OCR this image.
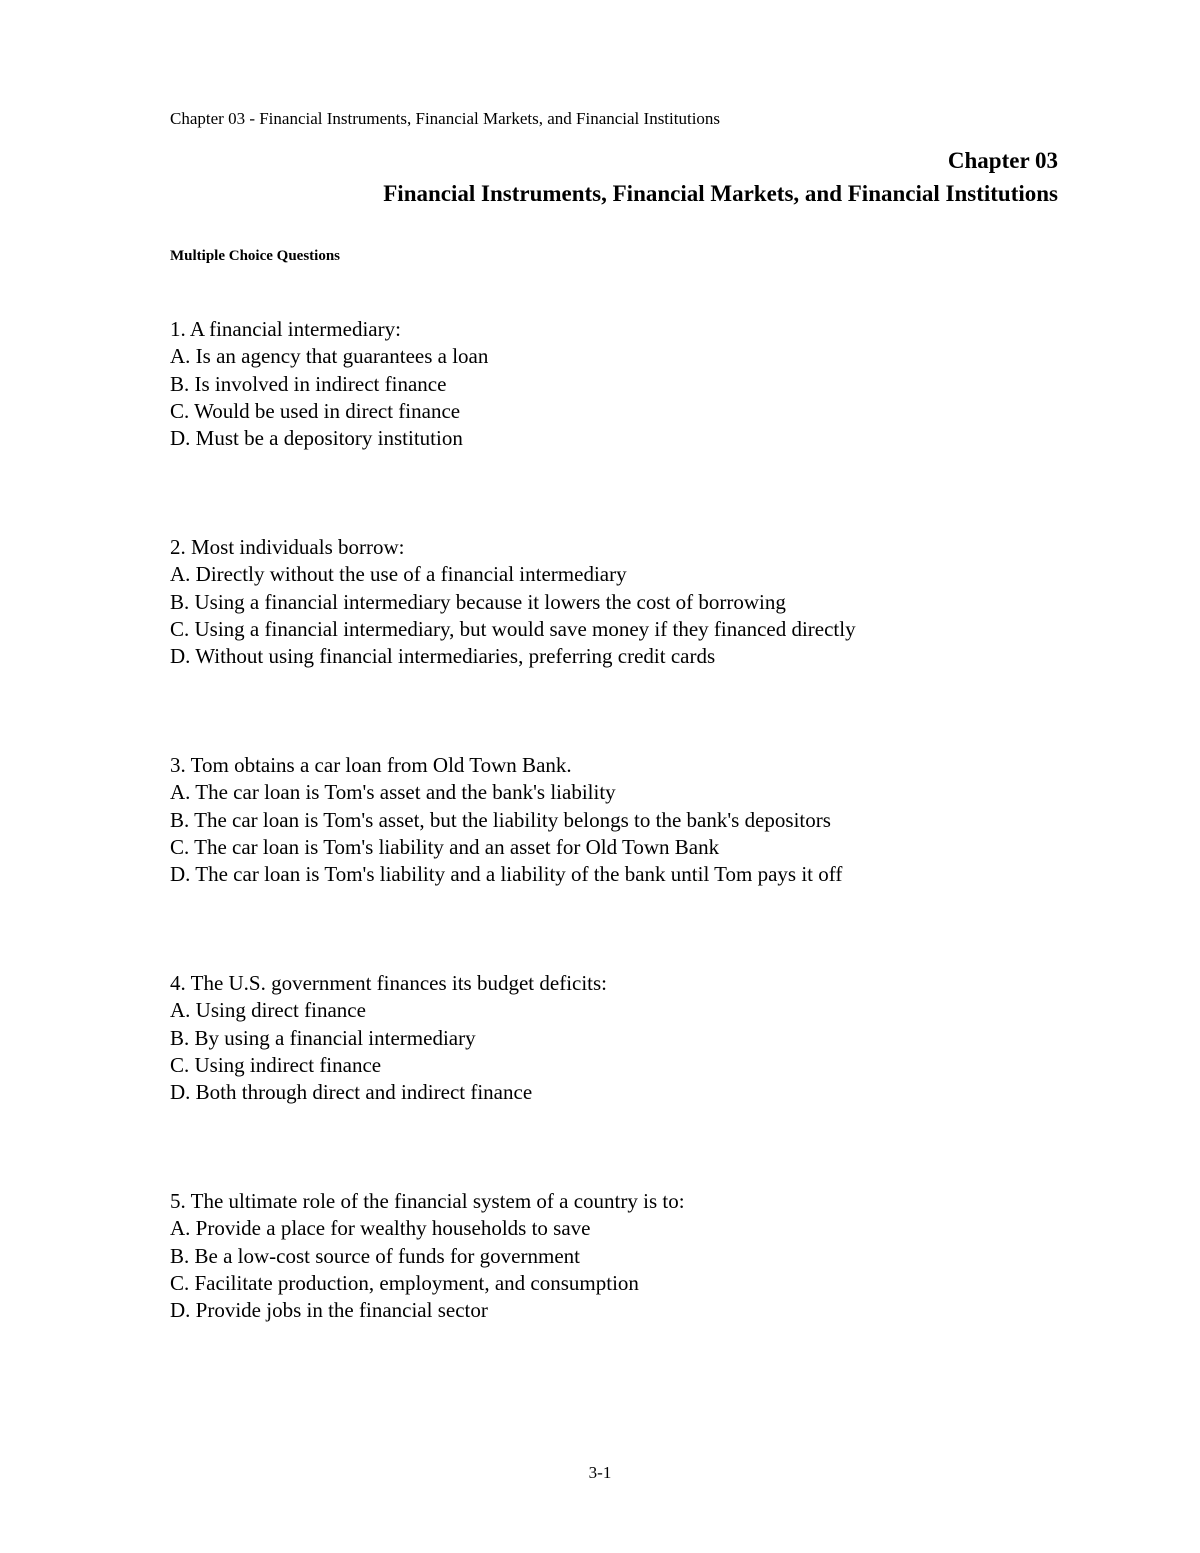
Chapter 03 - Financial Instruments, Financial Markets, and Financial Institutions
Chapter 03
Financial Instruments, Financial Markets, and Financial Institutions
Multiple Choice Questions
1. A financial intermediary:
A. Is an agency that guarantees a loan
B. Is involved in indirect finance
C. Would be used in direct finance
D. Must be a depository institution
2. Most individuals borrow:
A. Directly without the use of a financial intermediary
B. Using a financial intermediary because it lowers the cost of borrowing
C. Using a financial intermediary, but would save money if they financed directly
D. Without using financial intermediaries, preferring credit cards
3. Tom obtains a car loan from Old Town Bank.
A. The car loan is Tom's asset and the bank's liability
B. The car loan is Tom's asset, but the liability belongs to the bank's depositors
C. The car loan is Tom's liability and an asset for Old Town Bank
D. The car loan is Tom's liability and a liability of the bank until Tom pays it off
4. The U.S. government finances its budget deficits:
A. Using direct finance
B. By using a financial intermediary
C. Using indirect finance
D. Both through direct and indirect finance
5. The ultimate role of the financial system of a country is to:
A. Provide a place for wealthy households to save
B. Be a low-cost source of funds for government
C. Facilitate production, employment, and consumption
D. Provide jobs in the financial sector
3-1
